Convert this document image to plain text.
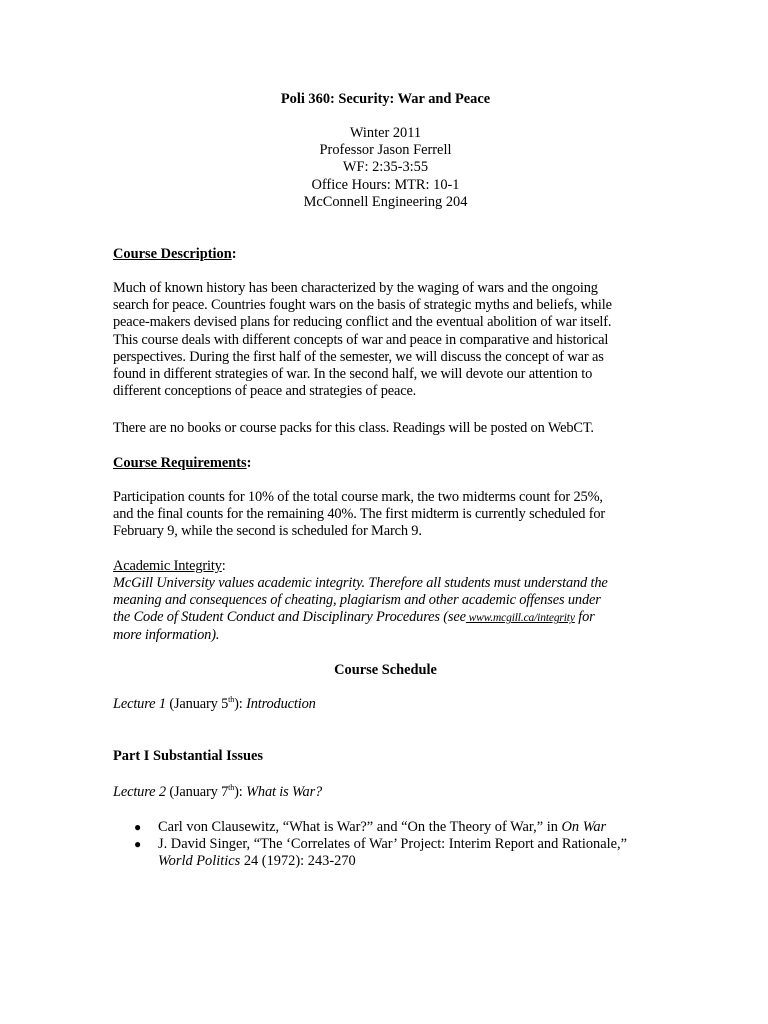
Poli 360: Security: War and Peace
Winter 2011
Professor Jason Ferrell
WF: 2:35-3:55
Office Hours: MTR: 10-1
McConnell Engineering 204
Course Description:
Much of known history has been characterized by the waging of wars and the ongoing
search for peace. Countries fought wars on the basis of strategic myths and beliefs, while
peace-makers devised plans for reducing conflict and the eventual abolition of war itself.
This course deals with different concepts of war and peace in comparative and historical
perspectives. During the first half of the semester, we will discuss the concept of war as
found in different strategies of war. In the second half, we will devote our attention to
different conceptions of peace and strategies of peace.
There are no books or course packs for this class. Readings will be posted on WebCT.
Course Requirements:
Participation counts for 10% of the total course mark, the two midterms count for 25%,
and the final counts for the remaining 40%. The first midterm is currently scheduled for
February 9, while the second is scheduled for March 9.
Academic Integrity:
McGill University values academic integrity. Therefore all students must understand the
meaning and consequences of cheating, plagiarism and other academic offenses under
the Code of Student Conduct and Disciplinary Procedures (see www.mcgill.ca/integrity for
more information).
Course Schedule
Lecture 1 (January 5th): Introduction
Part I Substantial Issues
Lecture 2 (January 7th): What is War?
● Carl von Clausewitz, “What is War?” and “On the Theory of War,” in On War
● J. David Singer, “The ‘Correlates of War’ Project: Interim Report and Rationale,”
World Politics 24 (1972): 243-270
